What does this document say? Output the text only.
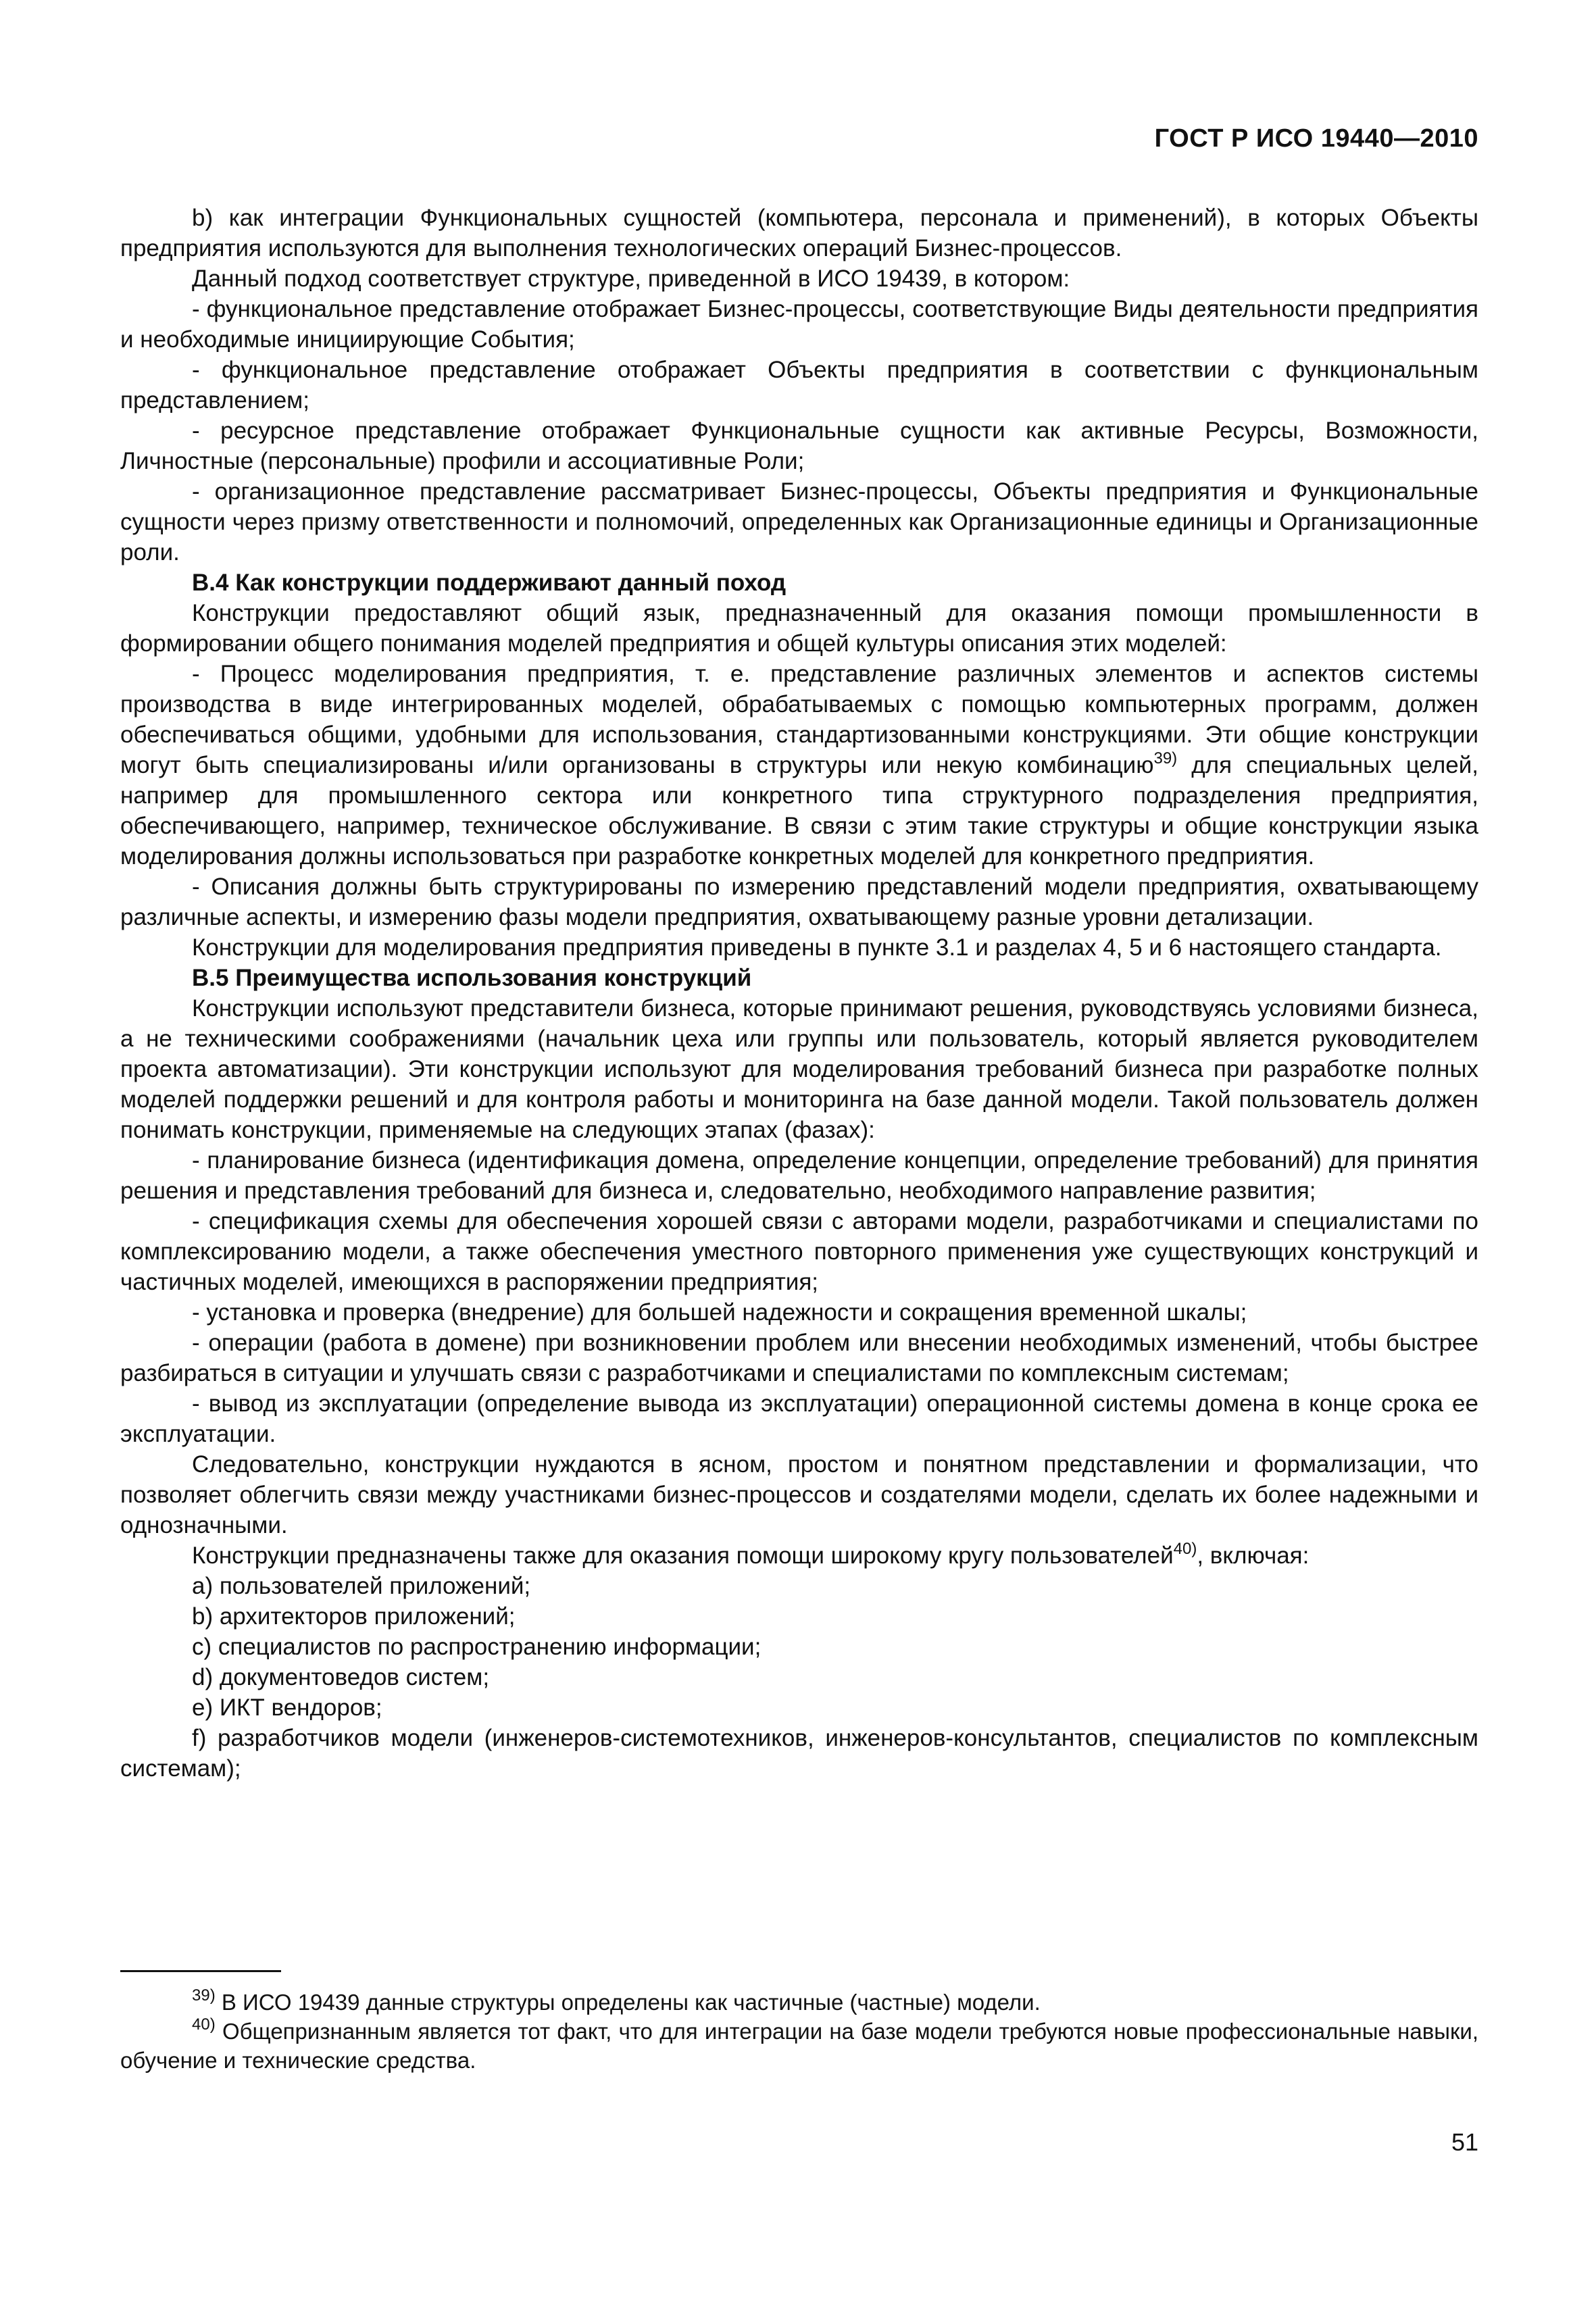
ГОСТ Р ИСО 19440—2010

b) как интеграции Функциональных сущностей (компьютера, персонала и применений), в которых Объекты предприятия используются для выполнения технологических операций Бизнес-процессов.

Данный подход соответствует структуре, приведенной в ИСО 19439, в котором:

- функциональное представление отображает Бизнес-процессы, соответствующие Виды деятельности предприятия и необходимые инициирующие События;

- функциональное представление отображает Объекты предприятия в соответствии с функциональным представлением;

- ресурсное представление отображает Функциональные сущности как активные Ресурсы, Возможности, Личностные (персональные) профили и ассоциативные Роли;

- организационное представление рассматривает Бизнес-процессы, Объекты предприятия и Функциональные сущности через призму ответственности и полномочий, определенных как Организационные единицы и Организационные роли.

В.4 Как конструкции поддерживают данный поход

Конструкции предоставляют общий язык, предназначенный для оказания помощи промышленности в формировании общего понимания моделей предприятия и общей культуры описания этих моделей:

- Процесс моделирования предприятия, т. е. представление различных элементов и аспектов системы производства в виде интегрированных моделей, обрабатываемых с помощью компьютерных программ, должен обеспечиваться общими, удобными для использования, стандартизованными конструкциями. Эти общие конструкции могут быть специализированы и/или организованы в структуры или некую комбинацию$^{39)}$ для специальных целей, например для промышленного сектора или конкретного типа структурного подразделения предприятия, обеспечивающего, например, техническое обслуживание. В связи с этим такие структуры и общие конструкции языка моделирования должны использоваться при разработке конкретных моделей для конкретного предприятия.

- Описания должны быть структурированы по измерению представлений модели предприятия, охватывающему различные аспекты, и измерению фазы модели предприятия, охватывающему разные уровни детализации.

Конструкции для моделирования предприятия приведены в пункте 3.1 и разделах 4, 5 и 6 настоящего стандарта.

В.5 Преимущества использования конструкций

Конструкции используют представители бизнеса, которые принимают решения, руководствуясь условиями бизнеса, а не техническими соображениями (начальник цеха или группы или пользователь, который является руководителем проекта автоматизации). Эти конструкции используют для моделирования требований бизнеса при разработке полных моделей поддержки решений и для контроля работы и мониторинга на базе данной модели. Такой пользователь должен понимать конструкции, применяемые на следующих этапах (фазах):

- планирование бизнеса (идентификация домена, определение концепции, определение требований) для принятия решения и представления требований для бизнеса и, следовательно, необходимого направление развития;

- спецификация схемы для обеспечения хорошей связи с авторами модели, разработчиками и специалистами по комплексированию модели, а также обеспечения уместного повторного применения уже существующих конструкций и частичных моделей, имеющихся в распоряжении предприятия;

- установка и проверка (внедрение) для большей надежности и сокращения временной шкалы;

- операции (работа в домене) при возникновении проблем или внесении необходимых изменений, чтобы быстрее разбираться в ситуации и улучшать связи с разработчиками и специалистами по комплексным системам;

- вывод из эксплуатации (определение вывода из эксплуатации) операционной системы домена в конце срока ее эксплуатации.

Следовательно, конструкции нуждаются в ясном, простом и понятном представлении и формализации, что позволяет облегчить связи между участниками бизнес-процессов и создателями модели, сделать их более надежными и однозначными.

Конструкции предназначены также для оказания помощи широкому кругу пользователей$^{40)}$, включая:

a) пользователей приложений;

b) архитекторов приложений;

c) специалистов по распространению информации;

d) документоведов систем;

e) ИКТ вендоров;

f) разработчиков модели (инженеров-системотехников, инженеров-консультантов, специалистов по комплексным системам);

$^{39)}$ В ИСО 19439 данные структуры определены как частичные (частные) модели.

$^{40)}$ Общепризнанным является тот факт, что для интеграции на базе модели требуются новые профессиональные навыки, обучение и технические средства.

51
